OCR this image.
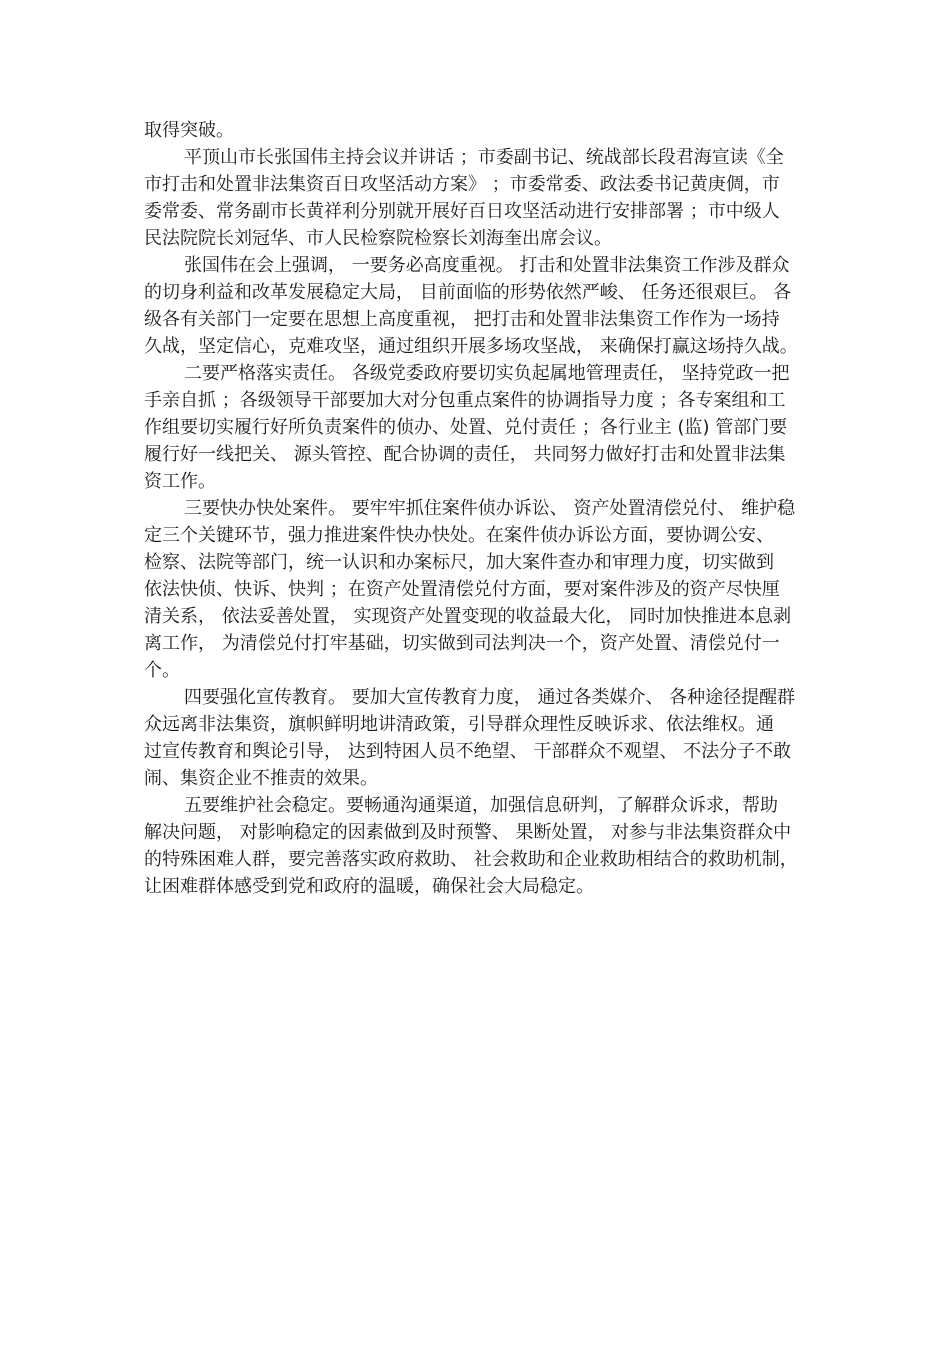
取得突破。
平顶山市长张国伟主持会议并讲话 ；市委副书记、统战部长段君海宣读《全
市打击和处置非法集资百日攻坚活动方案》 ；市委常委、政法委书记黄庚倜，市
委常委、常务副市长黄祥利分别就开展好百日攻坚活动进行安排部署 ；市中级人
民法院院长刘冠华、市人民检察院检察长刘海奎出席会议。
张国伟在会上强调， 一要务必高度重视。 打击和处置非法集资工作涉及群众
的切身利益和改革发展稳定大局， 目前面临的形势依然严峻、 任务还很艰巨。 各
级各有关部门一定要在思想上高度重视， 把打击和处置非法集资工作作为一场持
久战，坚定信心，克难攻坚，通过组织开展多场攻坚战， 来确保打赢这场持久战。
二要严格落实责任。 各级党委政府要切实负起属地管理责任， 坚持党政一把
手亲自抓 ；各级领导干部要加大对分包重点案件的协调指导力度 ；各专案组和工
作组要切实履行好所负责案件的侦办、处置、兑付责任 ；各行业主 (监) 管部门要
履行好一线把关、 源头管控、配合协调的责任， 共同努力做好打击和处置非法集
资工作。
三要快办快处案件。 要牢牢抓住案件侦办诉讼、 资产处置清偿兑付、 维护稳
定三个关键环节，强力推进案件快办快处。在案件侦办诉讼方面，要协调公安、
检察、法院等部门，统一认识和办案标尺，加大案件查办和审理力度，切实做到
依法快侦、快诉、快判 ；在资产处置清偿兑付方面，要对案件涉及的资产尽快厘
清关系， 依法妥善处置， 实现资产处置变现的收益最大化， 同时加快推进本息剥
离工作， 为清偿兑付打牢基础，切实做到司法判决一个，资产处置、清偿兑付一
个。
四要强化宣传教育。 要加大宣传教育力度， 通过各类媒介、 各种途径提醒群
众远离非法集资，旗帜鲜明地讲清政策，引导群众理性反映诉求、依法维权。通
过宣传教育和舆论引导， 达到特困人员不绝望、 干部群众不观望、 不法分子不敢
闹、集资企业不推责的效果。
五要维护社会稳定。要畅通沟通渠道，加强信息研判，了解群众诉求，帮助
解决问题， 对影响稳定的因素做到及时预警、 果断处置， 对参与非法集资群众中
的特殊困难人群，要完善落实政府救助、 社会救助和企业救助相结合的救助机制，
让困难群体感受到党和政府的温暖，确保社会大局稳定。
